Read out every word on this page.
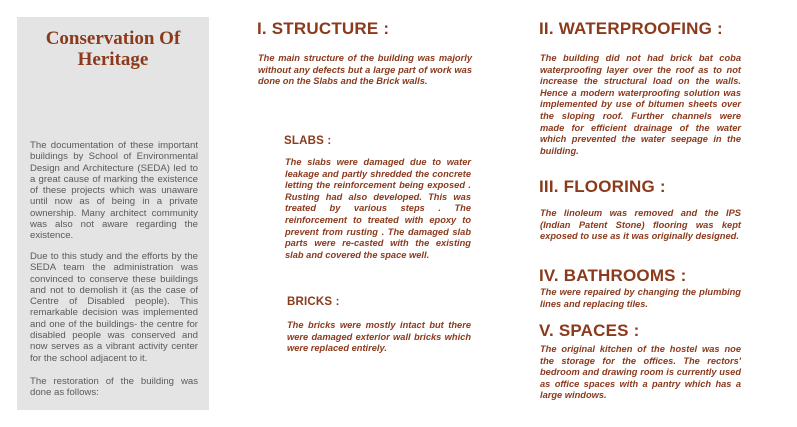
Conservation Of Heritage

The documentation of these important buildings by School of Environmental Design and Architecture (SEDA) led to a great cause of marking the existence of these projects which was unaware until now as of being in a private ownership. Many architect community was also not aware regarding the existence.

Due to this study and the efforts by the SEDA team the administration was convinced to conserve these buildings and not to demolish it (as the case of Centre of Disabled people). This remarkable decision was implemented and one of the buildings- the centre for disabled people was conserved and now serves as a vibrant activity center for the school adjacent to it.

The restoration of the building was done as follows:

I. STRUCTURE :

The main structure of the building was majorly without any defects but a large part of work was done on the Slabs and the Brick walls.

SLABS :

The slabs were damaged due to water leakage and partly shredded the concrete letting the reinforcement being exposed . Rusting had also developed. This was treated by various steps . The reinforcement to treated with epoxy to prevent from rusting . The damaged slab parts were re-casted with the existing slab and covered the space well.

BRICKS :

The bricks were mostly intact but there were damaged exterior wall bricks which were replaced entirely.

II. WATERPROOFING :

The building did not had brick bat coba waterproofing layer over the roof as to not increase the structural load on the walls. Hence a modern waterproofing solution was implemented by use of bitumen sheets over the sloping roof. Further channels were made for efficient drainage of the water which prevented the water seepage in the building.

III. FLOORING :

The linoleum was removed and the IPS (Indian Patent Stone) flooring was kept exposed to use as it was originally designed.

IV. BATHROOMS :

The were repaired by changing the plumbing lines and replacing tiles.

V. SPACES :

The original kitchen of the hostel was noe the storage for the offices. The rectors' bedroom and drawing room is currently used as office spaces with a pantry which has a large windows.
